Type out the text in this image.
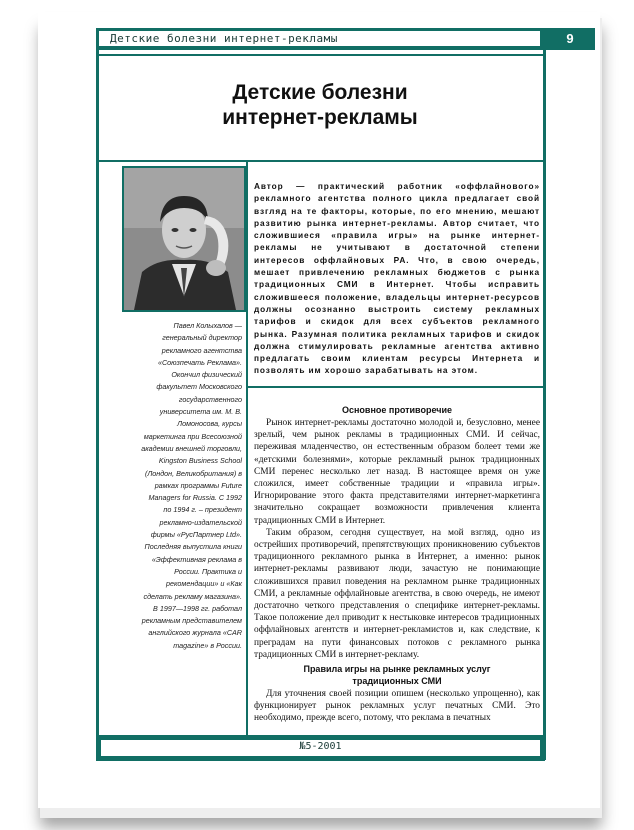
Детские болезни интернет-рекламы	9
Детские болезни
интернет-рекламы
Павел Колыхалов — генеральный директор рекламного агентства «Союзпечать Реклама». Окончил физический факультет Московского государственного университета им. М. В. Ломоносова, курсы маркетинга при Всесоюзной академии внешней торговли, Kingston Business School (Лондон, Великобритания) в рамках программы Future Managers for Russia. С 1992 по 1994 г. – президент рекламно-издательской фирмы «РусПартнер Ltd». Последняя выпустила книги «Эффективная реклама в России. Практика и рекомендации» и «Как сделать рекламу магазина». В 1997—1998 гг. работал рекламным представителем английского журнала «CAR magazine» в России.
Автор — практический работник «оффлайнового» рекламного агентства полного цикла предлагает свой взгляд на те факторы, которые, по его мнению, мешают развитию рынка интернет-рекламы. Автор считает, что сложившиеся «правила игры» на рынке интернет-рекламы не учитывают в достаточной степени интересов оффлайновых РА. Что, в свою очередь, мешает привлечению рекламных бюджетов с рынка традиционных СМИ в Интернет. Чтобы исправить сложившееся положение, владельцы интернет-ресурсов должны осознанно выстроить систему рекламных тарифов и скидок для всех субъектов рекламного рынка. Разумная политика рекламных тарифов и скидок должна стимулировать рекламные агентства активно предлагать своим клиентам ресурсы Интернета и позволять им хорошо зарабатывать на этом.
Основное противоречие

Рынок интернет-рекламы достаточно молодой и, безусловно, менее зрелый, чем рынок рекламы в традиционных СМИ. И сейчас, переживая младенчество, он естественным образом болеет теми же «детскими болезнями», которые рекламный рынок традиционных СМИ перенес несколько лет назад. В настоящее время он уже сложился, имеет собственные традиции и «правила игры». Игнорирование этого факта представителями интернет-маркетинга значительно сокращает возможности привлечения клиента традиционных СМИ в Интернет.

Таким образом, сегодня существует, на мой взгляд, одно из острейших противоречий, препятствующих проникновению субъектов традиционного рекламного рынка в Интернет, а именно: рынок интернет-рекламы развивают люди, зачастую не понимающие сложившихся правил поведения на рекламном рынке традиционных СМИ, а рекламные оффлайновые агентства, в свою очередь, не имеют достаточно четкого представления о специфике интернет-рекламы. Такое положение дел приводит к нестыковке интересов традиционных оффлайновых агентств и интернет-рекламистов и, как следствие, к преградам на пути финансовых потоков с рекламного рынка традиционных СМИ в интернет-рекламу.

Правила игры на рынке рекламных услуг
традиционных СМИ

Для уточнения своей позиции опишем (несколько упрощенно), как функционирует рынок рекламных услуг печатных СМИ. Это необходимо, прежде всего, потому, что реклама в печатных

№5-2001
